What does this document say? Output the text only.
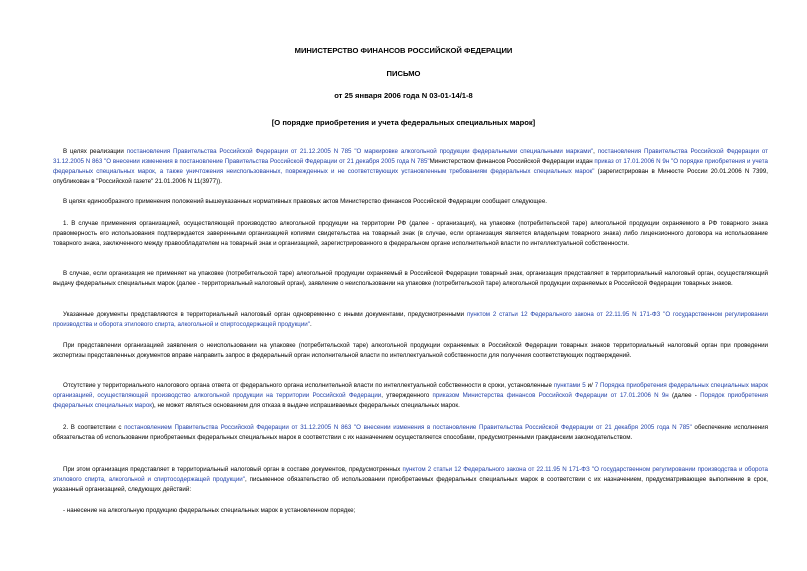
МИНИСТЕРСТВО ФИНАНСОВ РОССИЙСКОЙ ФЕДЕРАЦИИ
ПИСЬМО
от 25 января 2006 года N 03-01-14/1-8
[О порядке приобретения и учета федеральных специальных марок]
В целях реализации постановления Правительства Российской Федерации от 21.12.2005 N 785 "О маркировке алкогольной продукции федеральными специальными марками", постановления Правительства Российской Федерации от 31.12.2005 N 863 "О внесении изменения в постановление Правительства Российской Федерации от 21 декабря 2005 года N 785"Министерством финансов Российской Федерации издан приказ от 17.01.2006 N 9н "О порядке приобретения и учета федеральных специальных марок, а также уничтожения неиспользованных, поврежденных и не соответствующих установленным требованиям федеральных специальных марок" (зарегистрирован в Минюсте России 20.01.2006 N 7399, опубликован в "Российской газете" 21.01.2006 N 11(3977)).
В целях единообразного применения положений вышеуказанных нормативных правовых актов Министерство финансов Российской Федерации сообщает следующее.
1. В случае применения организацией, осуществляющей производство алкогольной продукции на территории РФ (далее - организация), на упаковке (потребительской таре) алкогольной продукции охраняемого в РФ товарного знака правомерность его использования подтверждается заверенными организацией копиями свидетельства на товарный знак (в случае, если организация является владельцем товарного знака) либо лицензионного договора на использование товарного знака, заключенного между правообладателем на товарный знак и организацией, зарегистрированного в федеральном органе исполнительной власти по интеллектуальной собственности.
В случае, если организация не применяет на упаковке (потребительской таре) алкогольной продукции охраняемый в Российской Федерации товарный знак, организация представляет в территориальный налоговый орган, осуществляющий выдачу федеральных специальных марок (далее - территориальный налоговый орган), заявление о неиспользовании на упаковке (потребительской таре) алкогольной продукции охраняемых в Российской Федерации товарных знаков.
Указанные документы представляются в территориальный налоговый орган одновременно с иными документами, предусмотренными пунктом 2 статьи 12 Федерального закона от 22.11.95 N 171-ФЗ "О государственном регулировании производства и оборота этилового спирта, алкогольной и спиртосодержащей продукции".
При представлении организацией заявления о неиспользовании на упаковке (потребительской таре) алкогольной продукции охраняемых в Российской Федерации товарных знаков территориальный налоговый орган при проведении экспертизы представленных документов вправе направить запрос в федеральный орган исполнительной власти по интеллектуальной собственности для получения соответствующих подтверждений.
Отсутствие у территориального налогового органа ответа от федерального органа исполнительной власти по интеллектуальной собственности в сроки, установленные пунктами 5 и/ 7 Порядка приобретения федеральных специальных марок организацией, осуществляющей производство алкогольной продукции на территории Российской Федерации, утвержденного приказом Министерства финансов Российской Федерации от 17.01.2006 N 9н (далее - Порядок приобретения федеральных специальных марок), не может являться основанием для отказа в выдаче испрашиваемых федеральных специальных марок.
2. В соответствии с постановлением Правительства Российской Федерации от 31.12.2005 N 863 "О внесении изменения в постановление Правительства Российской Федерации от 21 декабря 2005 года N 785" обеспечение исполнения обязательства об использовании приобретаемых федеральных специальных марок в соответствии с их назначением осуществляется способами, предусмотренными гражданским законодательством.
При этом организация представляет в территориальный налоговый орган в составе документов, предусмотренных пунктом 2 статьи 12 Федерального закона от 22.11.95 N 171-ФЗ "О государственном регулировании производства и оборота этилового спирта, алкогольной и спиртосодержащей продукции", письменное обязательство об использовании приобретаемых федеральных специальных марок в соответствии с их назначением, предусматривающее выполнение в срок, указанный организацией, следующих действий:
- нанесение на алкогольную продукцию федеральных специальных марок в установленном порядке;
